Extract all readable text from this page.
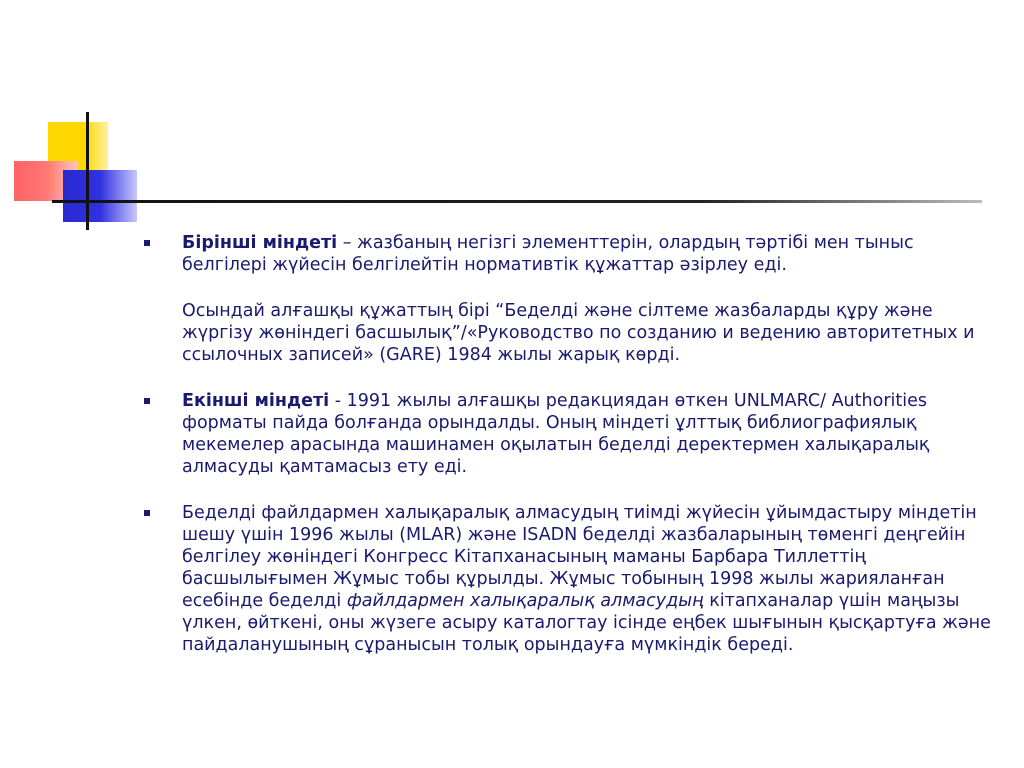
Бірінші міндеті – жазбаның негізгі элементтерін, олардың тәртібі мен тыныс белгілері жүйесін белгілейтін нормативтік құжаттар әзірлеу еді.

Осындай алғашқы құжаттың бірі “Беделді және сілтеме жазбаларды құру және жүргізу жөніндегі басшылық”/«Руководство по созданию и ведению авторитетных и ссылочных записей» (GARE) 1984 жылы жарық көрді.

Екінші міндеті - 1991 жылы алғашқы редакциядан өткен UNLMARC/ Authorities форматы пайда болғанда орындалды. Оның міндеті ұлттық библиографиялық мекемелер арасында машинамен оқылатын беделді деректермен халықаралық алмасуды қамтамасыз ету еді.

Беделді файлдармен халықаралық алмасудың тиімді жүйесін ұйымдастыру міндетін шешу үшін 1996 жылы (MLAR) және ISADN беделді жазбаларының төменгі деңгейін белгілеу жөніндегі Конгресс Кітапханасының маманы Барбара Тиллеттің басшылығымен Жұмыс тобы құрылды. Жұмыс тобының 1998 жылы жарияланған есебінде беделді файлдармен халықаралық алмасудың кітапханалар үшін маңызы үлкен, өйткені, оны жүзеге асыру каталогтау ісінде еңбек шығынын қысқартуға және пайдаланушының сұранысын толық орындауға мүмкіндік береді.
